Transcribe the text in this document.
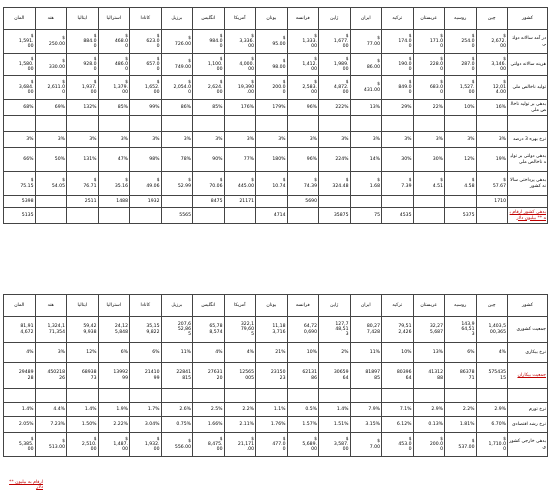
المان	هند	ایتالیا	استرالیا	کانادا	برزیل	انگلیس	آمریکا	یونان	فرانسه	ژاپن	ایران	ترکیه	عربستان	روسیه	چین	کشور
$
1,591.
00	$
250.00	$
884.0
0	$
468.0
0	$
623.0
0	$
726.00	$
984.0
0	$
3,336.
00	$
95.00	$
1,333.
00	$
1,677.
00	$
77.00	$
174.0
0	$
171.0
0	$
254.0
0	$
2,672.
00	در آمد سالانه دولتی
$
1,580.
00	$
330.00	$
928.0
0	$
486.0
0	$
657.0
0	$
749.00	$
1,100.
00	$
4,000.
00	$
98.00	$
1,412.
00	$
1,989.
00	$
86.00	$
190.0
0	$
228.0
0	$
287.0
0	$
3,146.
00	هزینه سالانه دولتی
$
3,684.
00	$
2,611.0
0	$
1,937.
00	$
1,379.
00	$
1,652.
00	$
2,054.0
0	$
2,624.
00	$
19,390
.00	$
200.0
0	$
2,583.
00	$
4,872.
00	$
431.00	$
849.0
0	$
683.0
0	$
1,527.
00	$
12,01
4.00	تولید ناخالص ملی
68%	69%	132%	85%	99%	86%	85%	176%	179%	96%	222%	13%	29%	22%	10%	16%	بدهی بر تولید ناخالص ملی

3%	3%	3%	3%	3%	3%	3%	3%	3%	3%	3%	3%	3%	3%	3%	3%	نرخ بهره 3 درصد
66%	50%	131%	47%	98%	78%	90%	77%	180%	96%	224%	14%	30%	30%	12%	19%	بدهی دولتی بر تولید ناخالص ملی
$
75.15	$
54.05	$
76.71	$
35.16	$
49.06	$
52.99	$
70.06	$
445.00	$
10.74	$
74.39	$
324.48	$
1.68	$
7.39	$
4.51	$
4.58	$
57.67	بدهی پرداختی سالانه کشور
5398		2511	1488	1932		8475	21171		5690						1710	
5135					5565			4714		35875	75	4535		5375		بدهی کشور ارقام به ** بیلیون دلار
المان	هند	ایتالیا	استرالیا	کانادا	برزیل	انگلیس	آمریکا	یونان	فرانسه	ژاپن	ایران	ترکیه	عربستان	روسیه	چین	کشور
81,91
4,672	1,324,1
71,354	59,42
9,938	24,12
5,848	35,15
9,822	207,6
52,86
5	65,78
8,574	322,1
79,60
5	11,18
3,716	64,72
0,690	127,7
48,51
3	80,27
7,428	79,51
2,426	32,27
5,687	143,9
64,51
3	1,403,5
00,365	جمعیت کشوری
4%	3%	12%	6%	6%	11%	4%	4%	21%	10%	2%	11%	10%	13%	6%	4%	نرخ بیکاری
29489
28	450218
26	68938
73	13992
99	21410
99	22841
815	27631
20	12565
005	23150
23	62131
86	30659
64	81897
85	80396
64	41312
88	86378
71	575435
15	جمعیت بیکاران

1.4%	4.4%	1.4%	1.9%	1.7%	2.6%	2.5%	2.2%	1.1%	0.5%	1.4%	7.9%	7.1%	2.9%	2.2%	2.9%	نرخ تورم
2.05%	7.23%	1.50%	2.22%	3.04%	0.75%	1.66%	2.11%	1.76%	1.57%	1.51%	3.15%	6.12%	0.13%	1.81%	6.70%	نرخ رشد اقتصادی
$
5,385.
00	$
513.00	$
2,510.
00	$
1,487.
00	$
1,932.
00	$
556.00	$
8,475.
00	$
21,171
.00	$
477.0
0	$
5,689.
00	$
3,587.
00	$
7.00	$
453.0
0	$
200.0
0	$
537.00	$
1,710.0
0	بدهی خارجی کشوری
ارقام به بیلیون ** دلار
